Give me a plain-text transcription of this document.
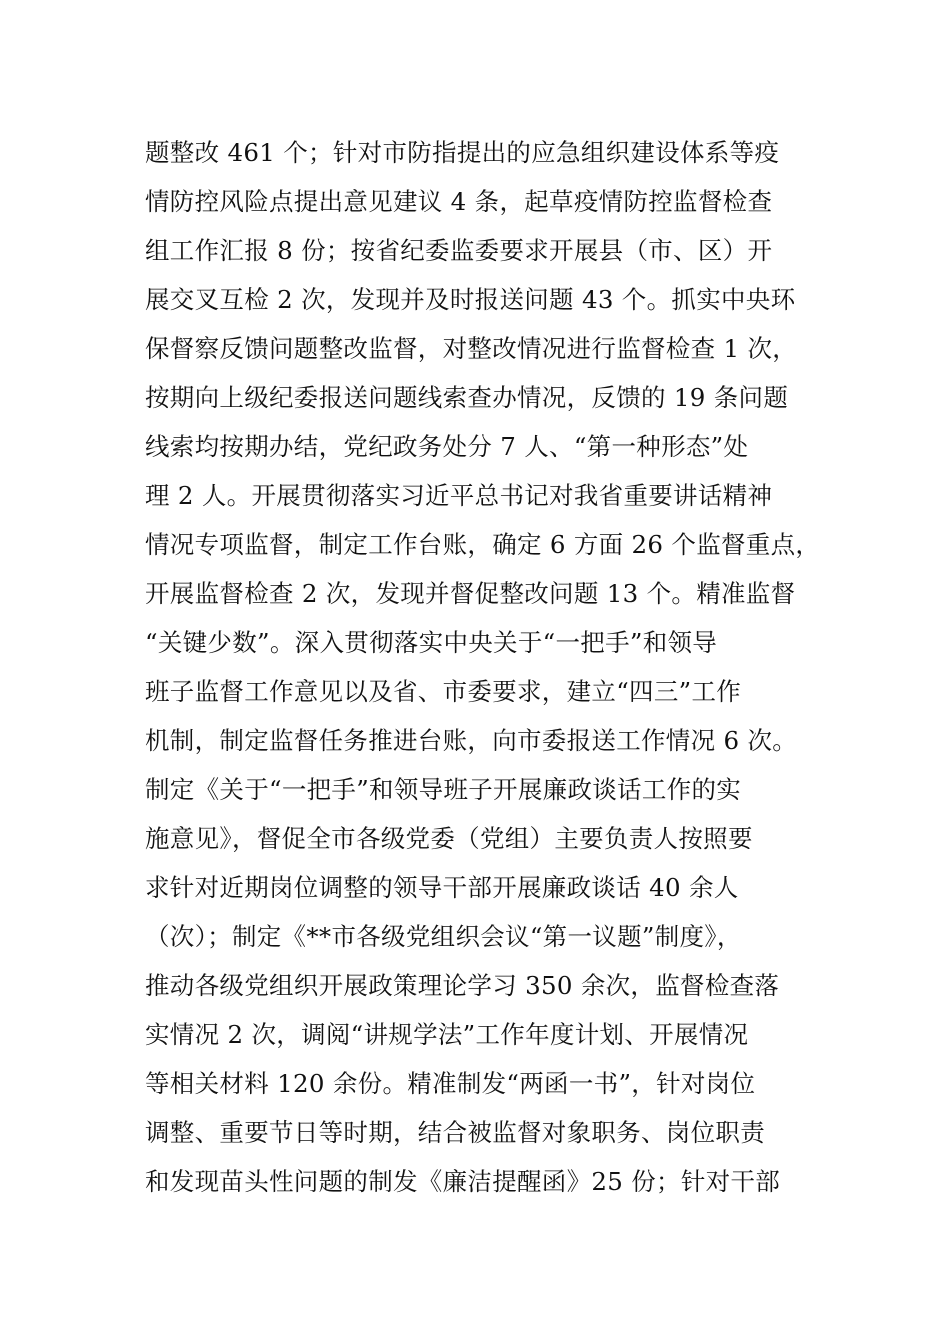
题整改 461 个；针对市防指提出的应急组织建设体系等疫
情防控风险点提出意见建议 4 条，起草疫情防控监督检查
组工作汇报 8 份；按省纪委监委要求开展县（市、区）开
展交叉互检 2 次，发现并及时报送问题 43 个。抓实中央环
保督察反馈问题整改监督，对整改情况进行监督检查 1 次，
按期向上级纪委报送问题线索查办情况，反馈的 19 条问题
线索均按期办结，党纪政务处分 7 人、“第一种形态”处
理 2 人。开展贯彻落实习近平总书记对我省重要讲话精神
情况专项监督，制定工作台账，确定 6 方面 26 个监督重点，
开展监督检查 2 次，发现并督促整改问题 13 个。精准监督
“关键少数”。深入贯彻落实中央关于“一把手”和领导
班子监督工作意见以及省、市委要求，建立“四三”工作
机制，制定监督任务推进台账，向市委报送工作情况 6 次。
制定《关于“一把手”和领导班子开展廉政谈话工作的实
施意见》，督促全市各级党委（党组）主要负责人按照要
求针对近期岗位调整的领导干部开展廉政谈话 40 余人
（次）；制定《**市各级党组织会议“第一议题”制度》，
推动各级党组织开展政策理论学习 350 余次，监督检查落
实情况 2 次，调阅“讲规学法”工作年度计划、开展情况
等相关材料 120 余份。精准制发“两函一书”，针对岗位
调整、重要节日等时期，结合被监督对象职务、岗位职责
和发现苗头性问题的制发《廉洁提醒函》25 份；针对干部
